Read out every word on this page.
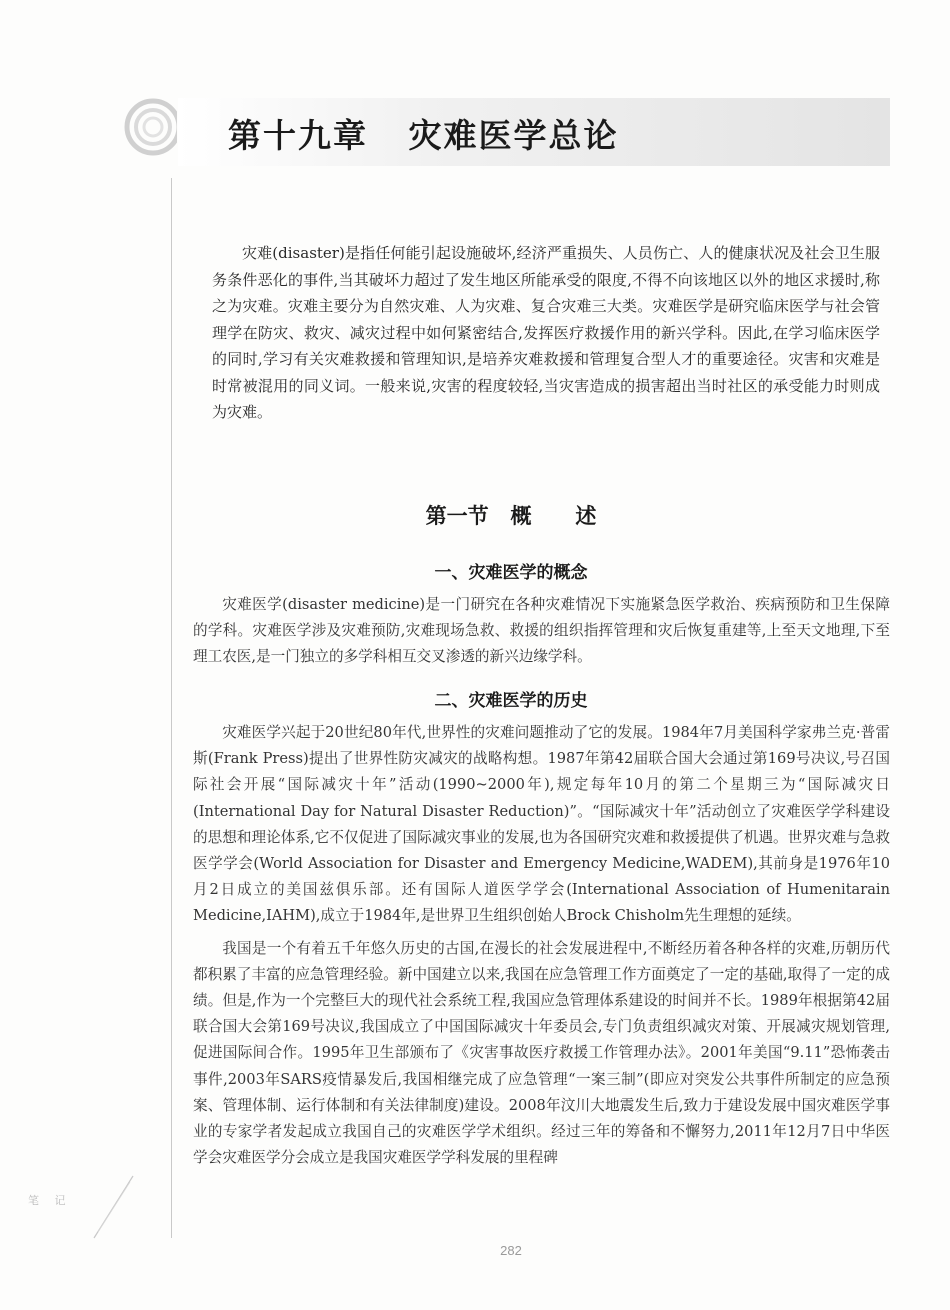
第十九章   灾难医学总论

灾难(disaster)是指任何能引起设施破坏,经济严重损失、人员伤亡、人的健康状况及社会卫生服务条件恶化的事件,当其破坏力超过了发生地区所能承受的限度,不得不向该地区以外的地区求援时,称之为灾难。灾难主要分为自然灾难、人为灾难、复合灾难三大类。灾难医学是研究临床医学与社会管理学在防灾、救灾、减灾过程中如何紧密结合,发挥医疗救援作用的新兴学科。因此,在学习临床医学的同时,学习有关灾难救援和管理知识,是培养灾难救援和管理复合型人才的重要途径。灾害和灾难是时常被混用的同义词。一般来说,灾害的程度较轻,当灾害造成的损害超出当时社区的承受能力时则成为灾难。

第一节   概      述
一、灾难医学的概念

灾难医学(disaster medicine)是一门研究在各种灾难情况下实施紧急医学救治、疾病预防和卫生保障的学科。灾难医学涉及灾难预防,灾难现场急救、救援的组织指挥管理和灾后恢复重建等,上至天文地理,下至理工农医,是一门独立的多学科相互交叉渗透的新兴边缘学科。

二、灾难医学的历史

灾难医学兴起于20世纪80年代,世界性的灾难问题推动了它的发展。1984年7月美国科学家弗兰克·普雷斯(Frank Press)提出了世界性防灾减灾的战略构想。1987年第42届联合国大会通过第169号决议,号召国际社会开展“国际减灾十年”活动(1990~2000年),规定每年10月的第二个星期三为“国际减灾日(International Day for Natural Disaster Reduction)”。“国际减灾十年”活动创立了灾难医学学科建设的思想和理论体系,它不仅促进了国际减灾事业的发展,也为各国研究灾难和救援提供了机遇。世界灾难与急救医学学会(World Association for Disaster and Emergency Medicine,WADEM),其前身是1976年10月2日成立的美国兹俱乐部。还有国际人道医学学会(International Association of Humenitarain Medicine,IAHM),成立于1984年,是世界卫生组织创始人Brock Chisholm先生理想的延续。

我国是一个有着五千年悠久历史的古国,在漫长的社会发展进程中,不断经历着各种各样的灾难,历朝历代都积累了丰富的应急管理经验。新中国建立以来,我国在应急管理工作方面奠定了一定的基础,取得了一定的成绩。但是,作为一个完整巨大的现代社会系统工程,我国应急管理体系建设的时间并不长。1989年根据第42届联合国大会第169号决议,我国成立了中国国际减灾十年委员会,专门负责组织减灾对策、开展减灾规划管理,促进国际间合作。1995年卫生部颁布了《灾害事故医疗救援工作管理办法》。2001年美国“9.11”恐怖袭击事件,2003年SARS疫情暴发后,我国相继完成了应急管理“一案三制”(即应对突发公共事件所制定的应急预案、管理体制、运行体制和有关法律制度)建设。2008年汶川大地震发生后,致力于建设发展中国灾难医学事业的专家学者发起成立我国自己的灾难医学学术组织。经过三年的筹备和不懈努力,2011年12月7日中华医学会灾难医学分会成立是我国灾难医学学科发展的里程碑

282
笔 记
